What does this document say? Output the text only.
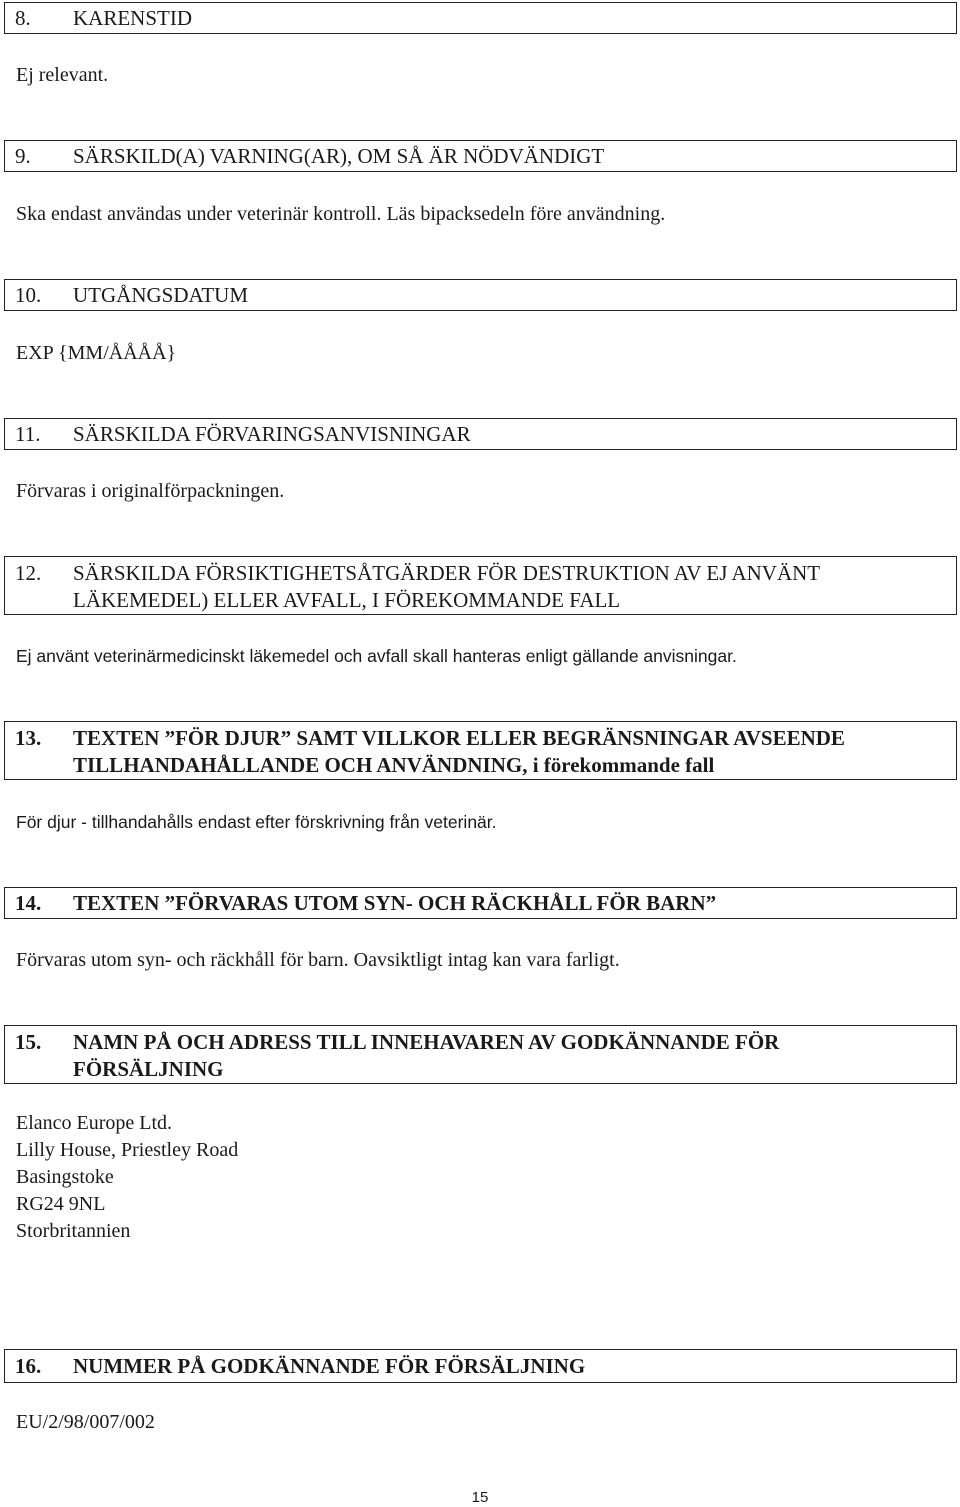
8. KARENSTID

Ej relevant.

9. SÄRSKILD(A) VARNING(AR), OM SÅ ÄR NÖDVÄNDIGT

Ska endast användas under veterinär kontroll. Läs bipacksedeln före användning.

10. UTGÅNGSDATUM

EXP {MM/ÅÅÅÅ}

11. SÄRSKILDA FÖRVARINGSANVISNINGAR

Förvaras i originalförpackningen.

12. SÄRSKILDA FÖRSIKTIGHETSÅTGÄRDER FÖR DESTRUKTION AV EJ ANVÄNT
LÄKEMEDEL) ELLER AVFALL, I FÖREKOMMANDE FALL

Ej använt veterinärmedicinskt läkemedel och avfall skall hanteras enligt gällande anvisningar.

13. TEXTEN ”FÖR DJUR” SAMT VILLKOR ELLER BEGRÄNSNINGAR AVSEENDE
TILLHANDAHÅLLANDE OCH ANVÄNDNING, i förekommande fall

För djur - tillhandahålls endast efter förskrivning från veterinär.

14. TEXTEN ”FÖRVARAS UTOM SYN- OCH RÄCKHÅLL FÖR BARN”

Förvaras utom syn- och räckhåll för barn. Oavsiktligt intag kan vara farligt.

15. NAMN PÅ OCH ADRESS TILL INNEHAVAREN AV GODKÄNNANDE FÖR
FÖRSÄLJNING
Elanco Europe Ltd.
Lilly House, Priestley Road
Basingstoke
RG24 9NL
Storbritannien
16. NUMMER PÅ GODKÄNNANDE FÖR FÖRSÄLJNING

EU/2/98/007/002

15
